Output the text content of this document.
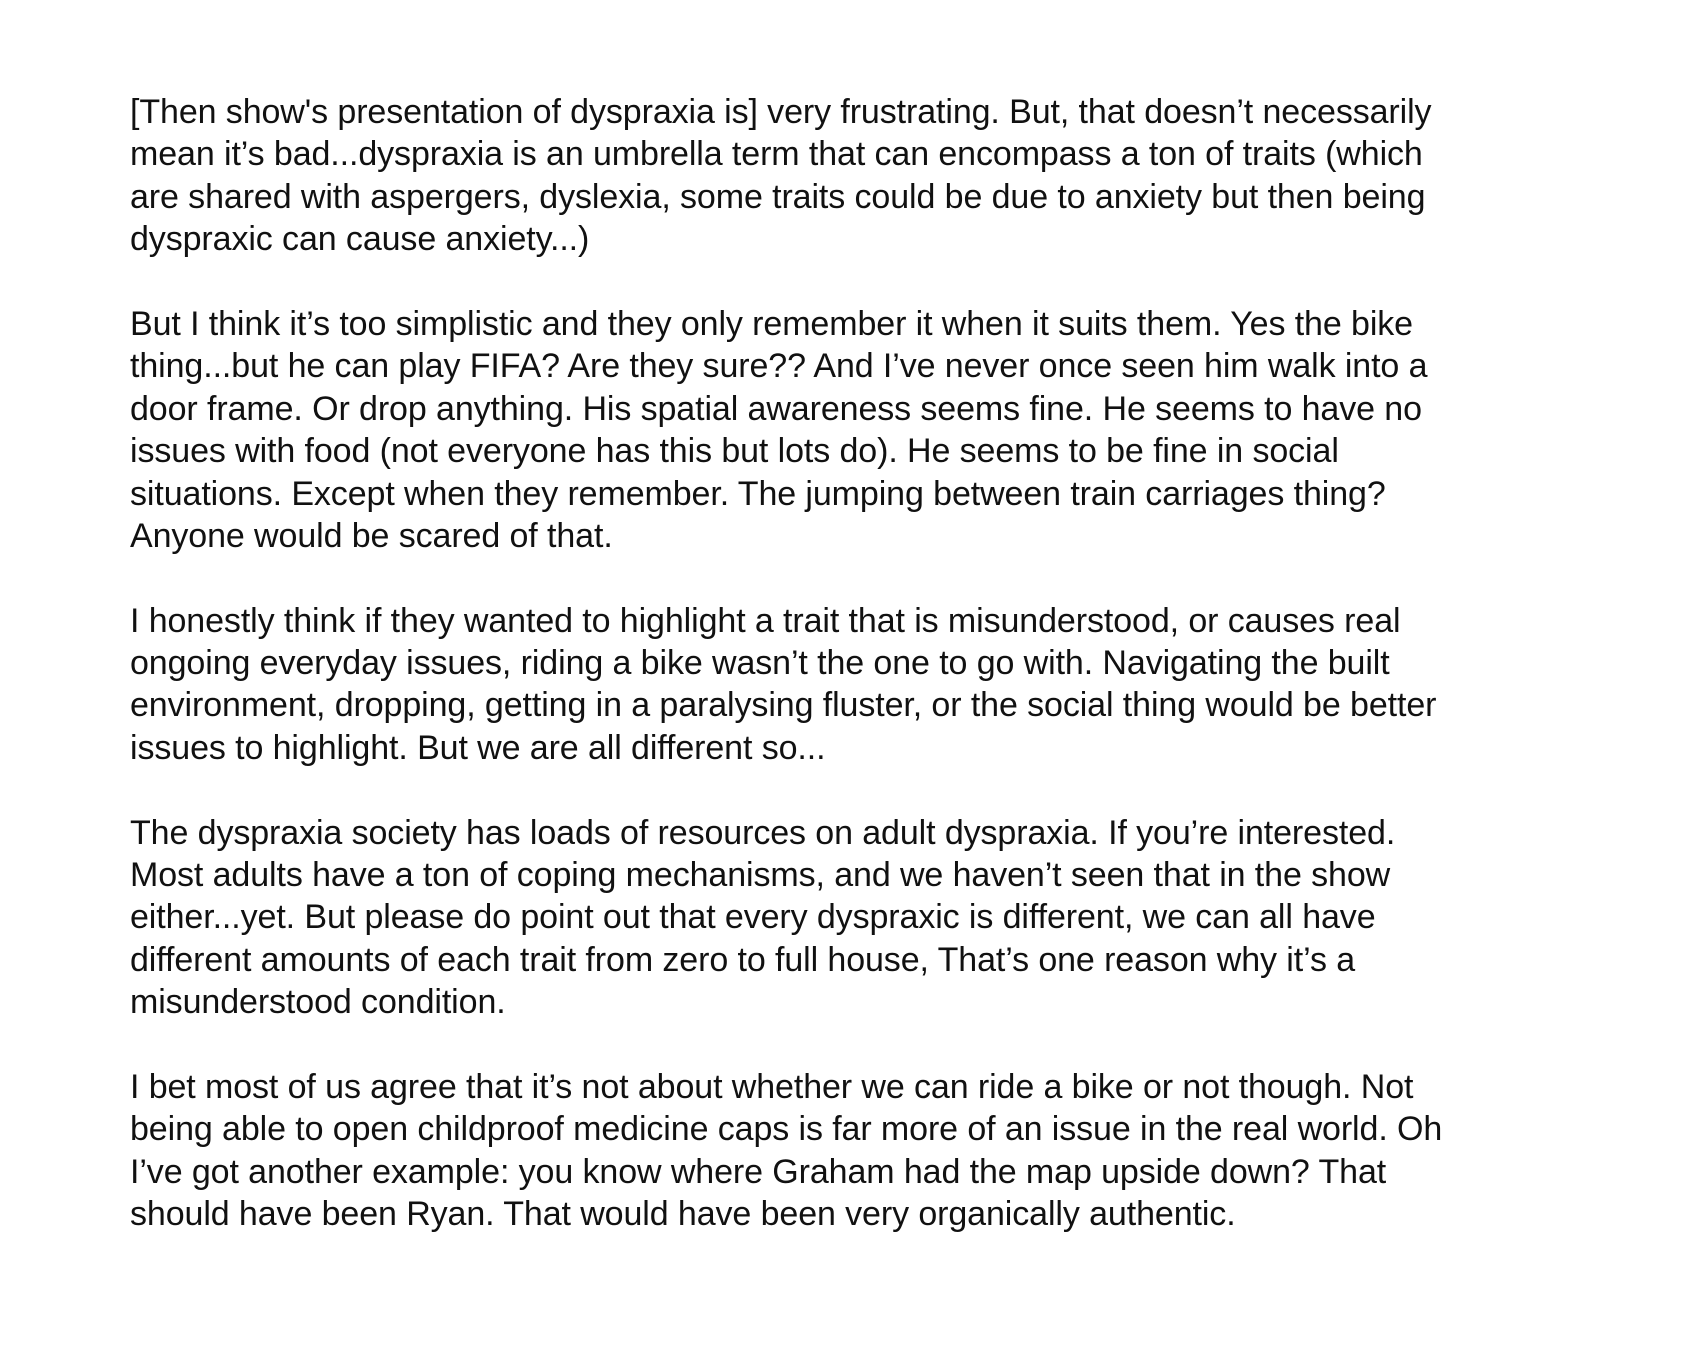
[Then show's presentation of dyspraxia is] very frustrating. But, that doesn’t necessarily
mean it’s bad...dyspraxia is an umbrella term that can encompass a ton of traits (which
are shared with aspergers, dyslexia, some traits could be due to anxiety but then being
dyspraxic can cause anxiety...)
But I think it’s too simplistic and they only remember it when it suits them. Yes the bike
thing...but he can play FIFA? Are they sure?? And I’ve never once seen him walk into a
door frame. Or drop anything. His spatial awareness seems fine. He seems to have no
issues with food (not everyone has this but lots do). He seems to be fine in social
situations. Except when they remember. The jumping between train carriages thing?
Anyone would be scared of that.
I honestly think if they wanted to highlight a trait that is misunderstood, or causes real
ongoing everyday issues, riding a bike wasn’t the one to go with. Navigating the built
environment, dropping, getting in a paralysing fluster, or the social thing would be better
issues to highlight. But we are all different so...
The dyspraxia society has loads of resources on adult dyspraxia. If you’re interested.
Most adults have a ton of coping mechanisms, and we haven’t seen that in the show
either...yet. But please do point out that every dyspraxic is different, we can all have
different amounts of each trait from zero to full house, That’s one reason why it’s a
misunderstood condition.
I bet most of us agree that it’s not about whether we can ride a bike or not though. Not
being able to open childproof medicine caps is far more of an issue in the real world. Oh
I’ve got another example: you know where Graham had the map upside down? That
should have been Ryan. That would have been very organically authentic.
